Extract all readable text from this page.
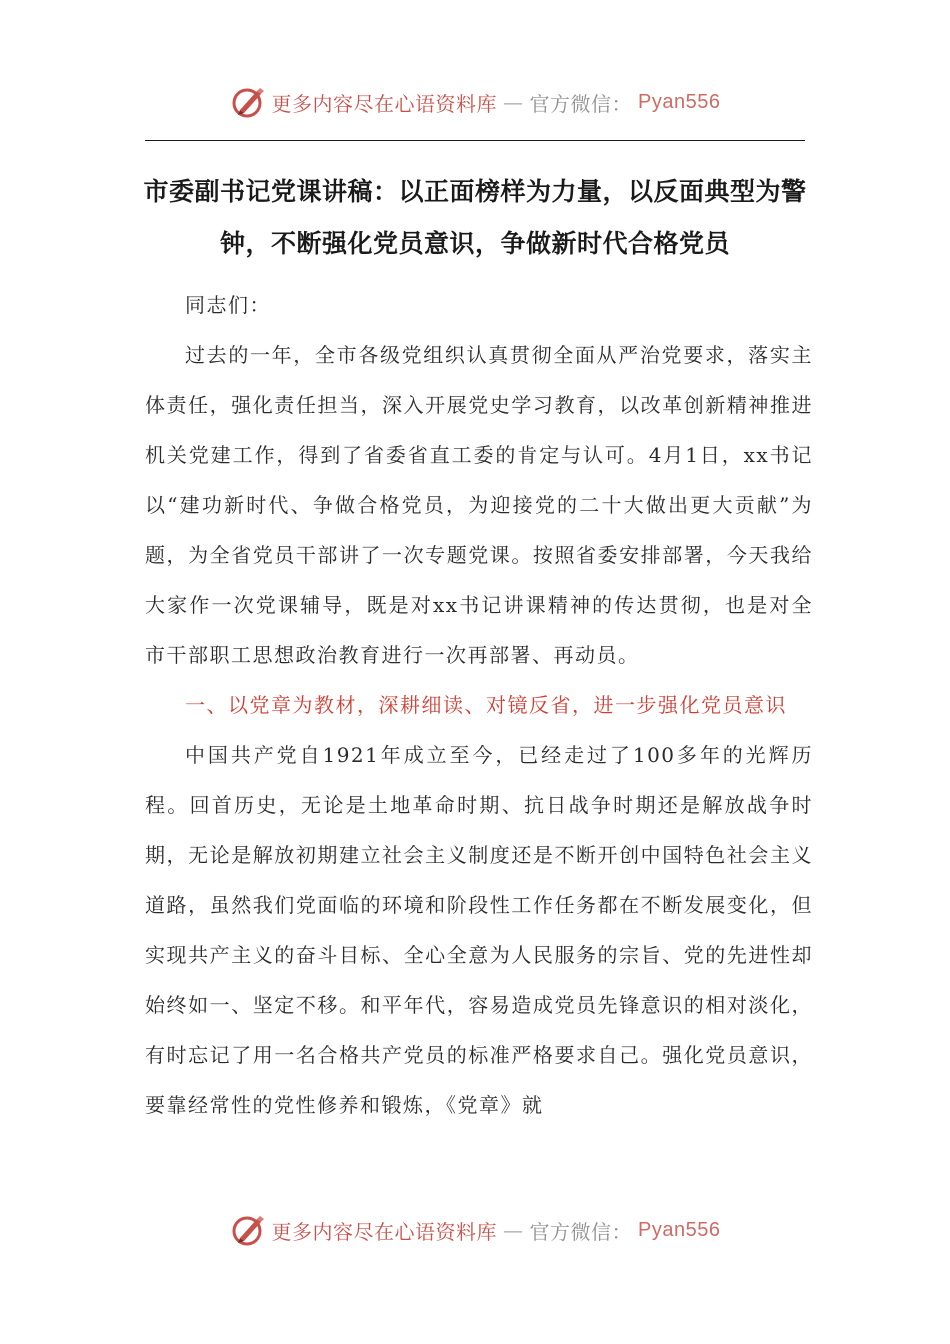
更多内容尽在心语资料库 — 官方微信： Pyan556
市委副书记党课讲稿：以正面榜样为力量，以反面典型为警钟，不断强化党员意识，争做新时代合格党员

同志们：

过去的一年，全市各级党组织认真贯彻全面从严治党要求，落实主体责任，强化责任担当，深入开展党史学习教育，以改革创新精神推进机关党建工作，得到了省委省直工委的肯定与认可。4月1日，xx书记以“建功新时代、争做合格党员，为迎接党的二十大做出更大贡献”为题，为全省党员干部讲了一次专题党课。按照省委安排部署，今天我给大家作一次党课辅导，既是对xx书记讲课精神的传达贯彻，也是对全市干部职工思想政治教育进行一次再部署、再动员。

一、以党章为教材，深耕细读、对镜反省，进一步强化党员意识

中国共产党自1921年成立至今，已经走过了100多年的光辉历程。回首历史，无论是土地革命时期、抗日战争时期还是解放战争时期，无论是解放初期建立社会主义制度还是不断开创中国特色社会主义道路，虽然我们党面临的环境和阶段性工作任务都在不断发展变化，但实现共产主义的奋斗目标、全心全意为人民服务的宗旨、党的先进性却始终如一、坚定不移。和平年代，容易造成党员先锋意识的相对淡化，有时忘记了用一名合格共产党员的标准严格要求自己。强化党员意识，要靠经常性的党性修养和锻炼，《党章》就

更多内容尽在心语资料库 — 官方微信： Pyan556
